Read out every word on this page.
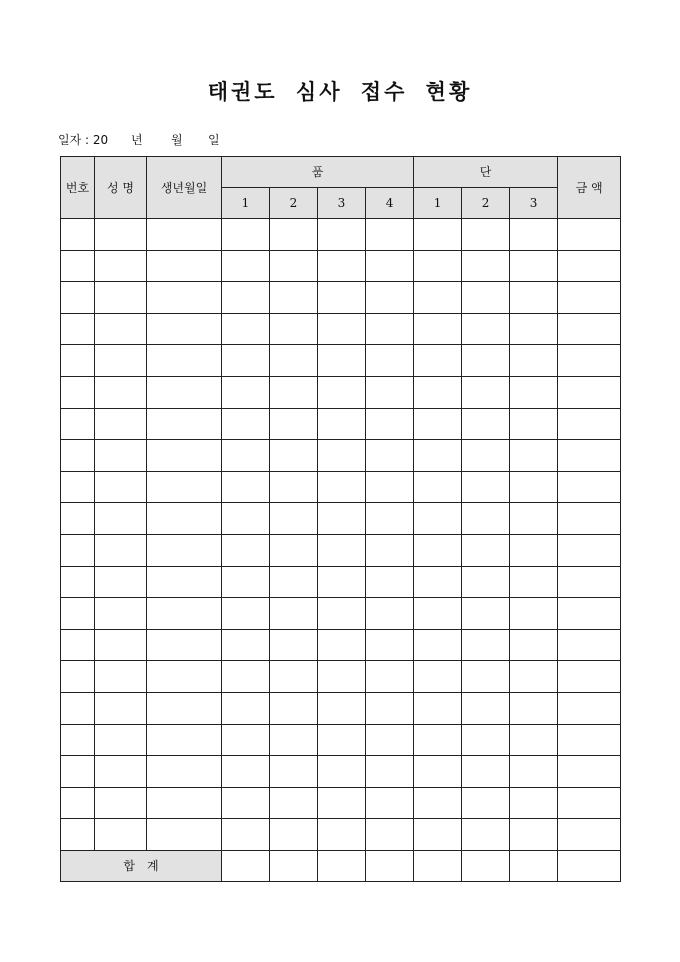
태권도 심사 접수 현황
일자 : 20 년 월 일
번호	성 명	생년월일	품				단			금 액
			1	2	3	4	1	2	3	

합　계										
